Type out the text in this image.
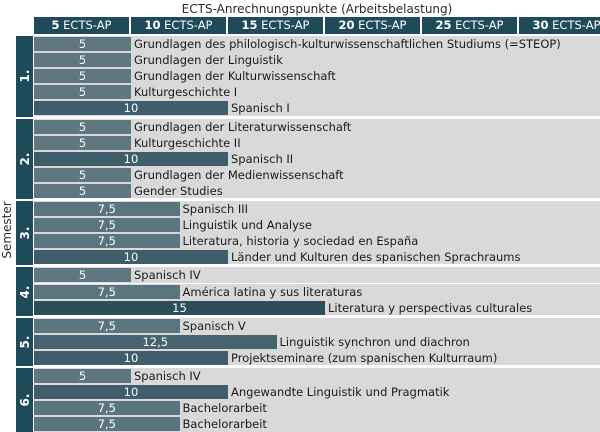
ECTS-Anrechnungspunkte (Arbeitsbelastung)
Semester
5 ECTS-AP	10 ECTS-AP	15 ECTS-AP	20 ECTS-AP	25 ECTS-AP	30 ECTS-AP
5	Grundlagen des philologisch-kulturwissenschaftlichen Studiums (=STEOP)
5	Grundlagen der Linguistik
5	Grundlagen der Kulturwissenschaft
5	Kulturgeschichte I
10	Spanisch I
1.
5	Grundlagen der Literaturwissenschaft
5	Kulturgeschichte II
10	Spanisch II
5	Grundlagen der Medienwissenschaft
5	Gender Studies
2.
7,5	Spanisch III
7,5	Linguistik und Analyse
7,5	Literatura, historia y sociedad en España
10	Länder und Kulturen des spanischen Sprachraums
3.
5	Spanisch IV
7,5	América latina y sus literaturas
15	Literatura y perspectivas culturales
4.
7,5	Spanisch V
12,5	Linguistik synchron und diachron
10	Projektseminare (zum spanischen Kulturraum)
5.
5	Spanisch IV
10	Angewandte Linguistik und Pragmatik
7,5	Bachelorarbeit
7,5	Bachelorarbeit
6.
